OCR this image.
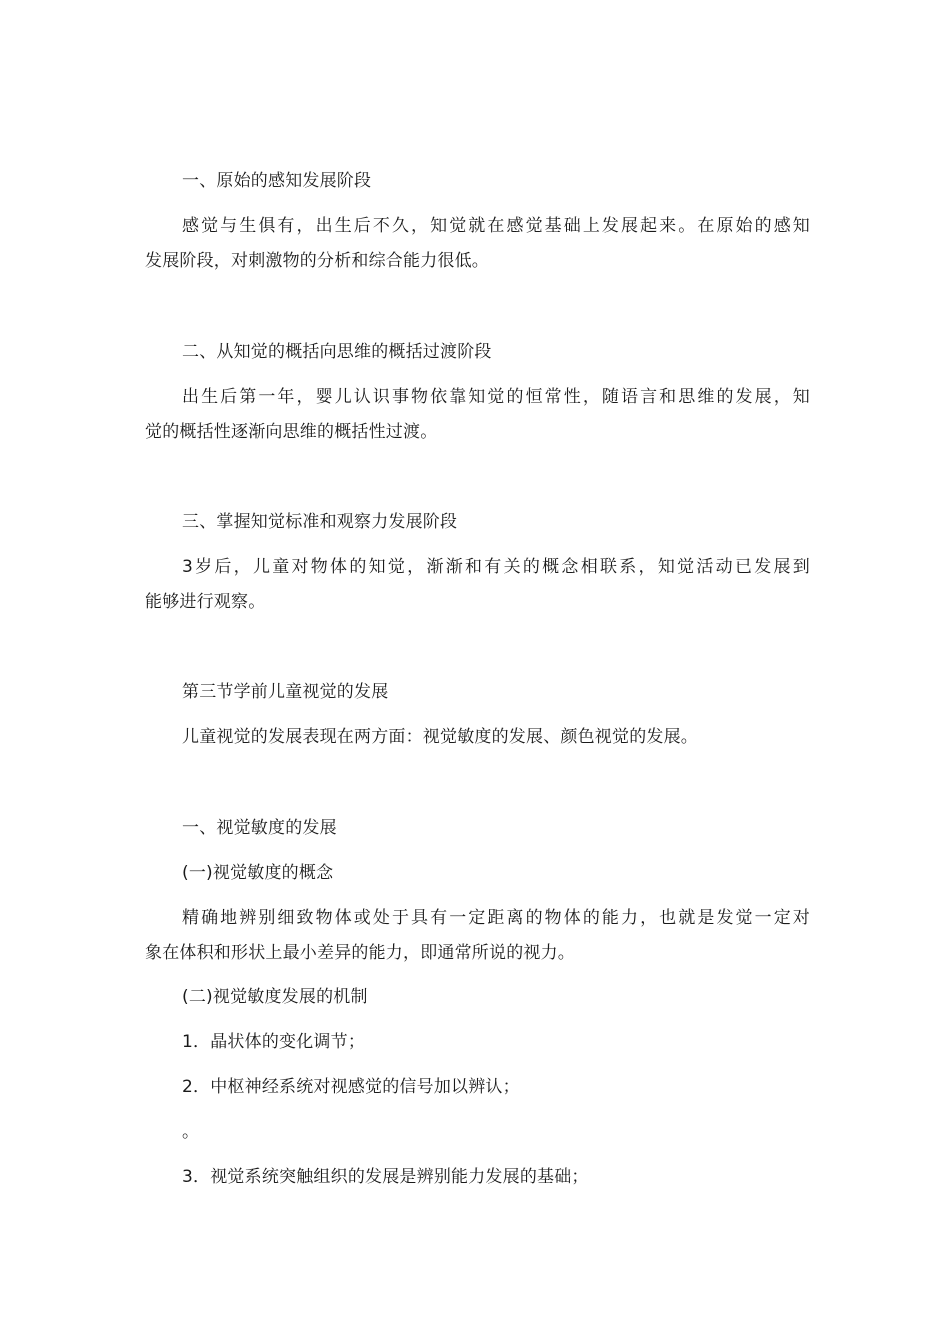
一、原始的感知发展阶段
感觉与生俱有，出生后不久，知觉就在感觉基础上发展起来。在原始的感知
发展阶段，对刺激物的分析和综合能力很低。
二、从知觉的概括向思维的概括过渡阶段
出生后第一年，婴儿认识事物依靠知觉的恒常性，随语言和思维的发展，知
觉的概括性逐渐向思维的概括性过渡。
三、掌握知觉标准和观察力发展阶段
3岁后，儿童对物体的知觉，渐渐和有关的概念相联系，知觉活动已发展到
能够进行观察。
第三节学前儿童视觉的发展
儿童视觉的发展表现在两方面：视觉敏度的发展、颜色视觉的发展。
一、视觉敏度的发展
(一)视觉敏度的概念
精确地辨别细致物体或处于具有一定距离的物体的能力，也就是发觉一定对
象在体积和形状上最小差异的能力，即通常所说的视力。
(二)视觉敏度发展的机制
1．晶状体的变化调节；
2．中枢神经系统对视感觉的信号加以辨认；
。
3．视觉系统突触组织的发展是辨别能力发展的基础；
